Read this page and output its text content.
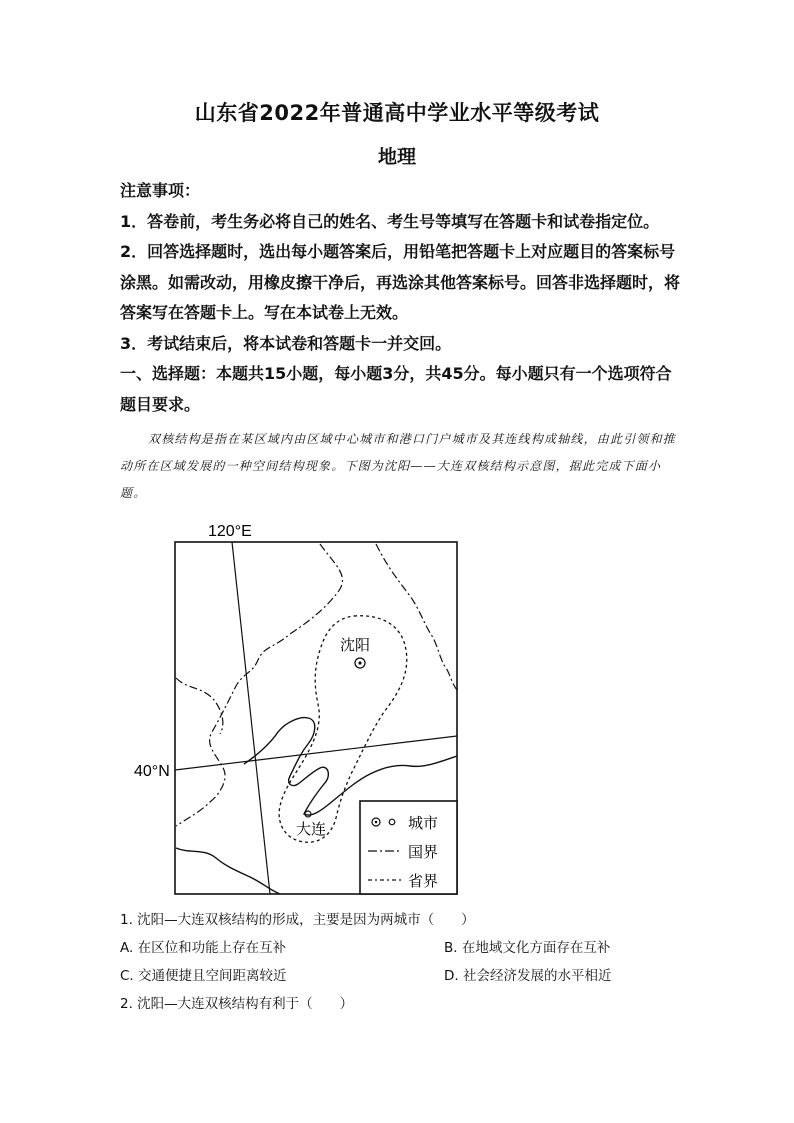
山东省2022年普通高中学业水平等级考试
地理

注意事项：

1．答卷前，考生务必将自己的姓名、考生号等填写在答题卡和试卷指定位。

2．回答选择题时，选出每小题答案后，用铅笔把答题卡上对应题目的答案标号涂黑。如需改动，用橡皮擦干净后，再选涂其他答案标号。回答非选择题时，将答案写在答题卡上。写在本试卷上无效。

3．考试结束后，将本试卷和答题卡一并交回。

一、选择题：本题共15小题，每小题3分，共45分。每小题只有一个选项符合题目要求。

双核结构是指在某区域内由区域中心城市和港口门户城市及其连线构成轴线，由此引领和推动所在区域发展的一种空间结构现象。下图为沈阳——大连双核结构示意图，据此完成下面小题。
120°E
40°N
沈阳
大连	城市
国界
省界
1. 沈阳—大连双核结构的形成，主要是因为两城市（　　）
A. 在区位和功能上存在互补	B. 在地域文化方面存在互补
C. 交通便捷且空间距离较近	D. 社会经济发展的水平相近
2. 沈阳—大连双核结构有利于（　　）
